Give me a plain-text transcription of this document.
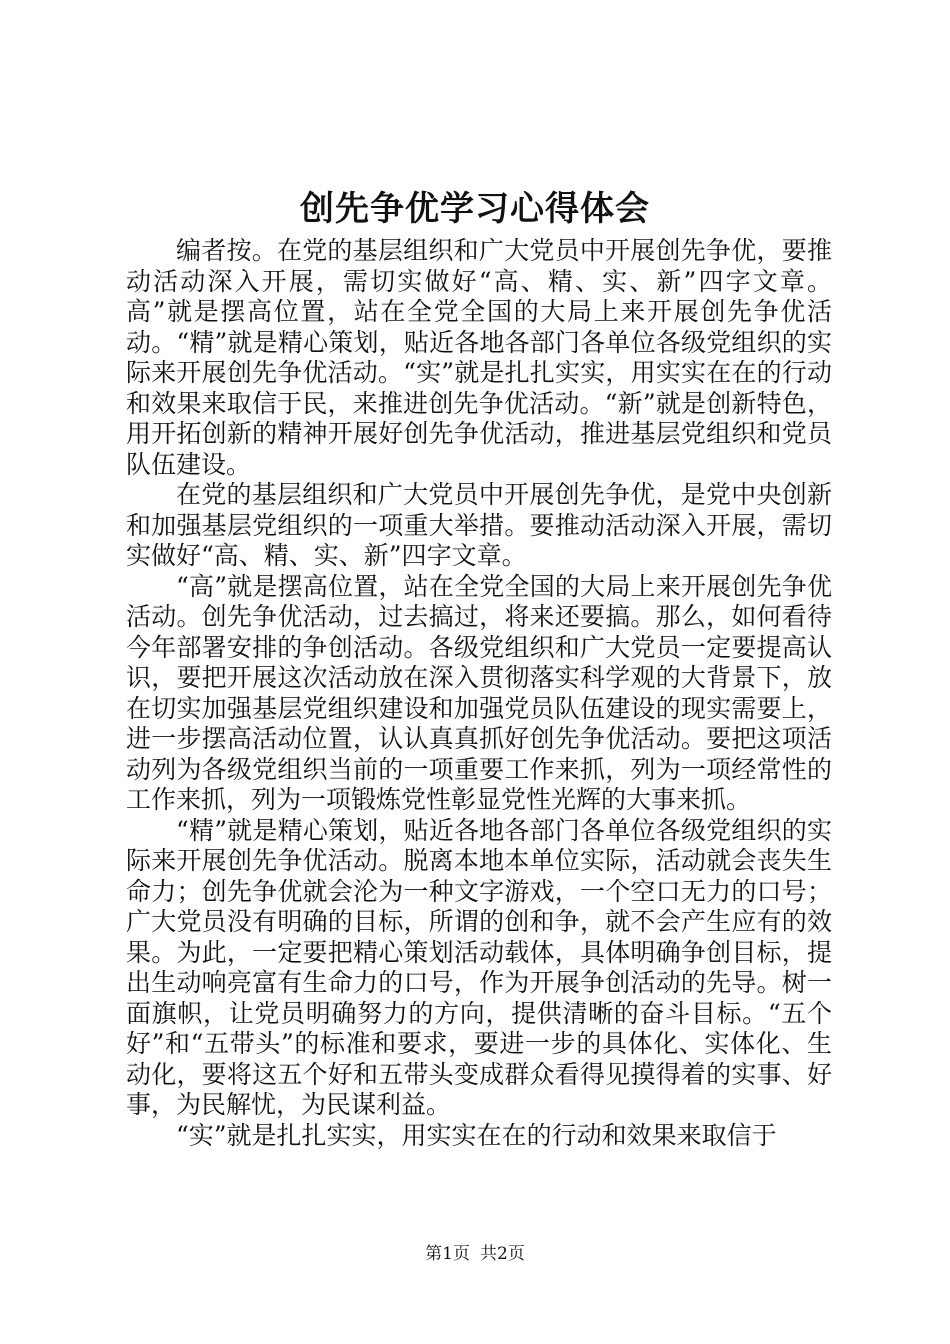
创先争优学习心得体会

编者按。在党的基层组织和广大党员中开展创先争优，要推动活动深入开展，需切实做好“高、精、实、新”四字文章。高”就是摆高位置，站在全党全国的大局上来开展创先争优活动。“精”就是精心策划，贴近各地各部门各单位各级党组织的实际来开展创先争优活动。“实”就是扎扎实实，用实实在在的行动和效果来取信于民，来推进创先争优活动。“新”就是创新特色，用开拓创新的精神开展好创先争优活动，推进基层党组织和党员队伍建设。

在党的基层组织和广大党员中开展创先争优，是党中央创新和加强基层党组织的一项重大举措。要推动活动深入开展，需切实做好“高、精、实、新”四字文章。

“高”就是摆高位置，站在全党全国的大局上来开展创先争优活动。创先争优活动，过去搞过，将来还要搞。那么，如何看待今年部署安排的争创活动。各级党组织和广大党员一定要提高认识，要把开展这次活动放在深入贯彻落实科学观的大背景下，放在切实加强基层党组织建设和加强党员队伍建设的现实需要上，进一步摆高活动位置，认认真真抓好创先争优活动。要把这项活动列为各级党组织当前的一项重要工作来抓，列为一项经常性的工作来抓，列为一项锻炼党性彰显党性光辉的大事来抓。

“精”就是精心策划，贴近各地各部门各单位各级党组织的实际来开展创先争优活动。脱离本地本单位实际，活动就会丧失生命力；创先争优就会沦为一种文字游戏，一个空口无力的口号；广大党员没有明确的目标，所谓的创和争，就不会产生应有的效果。为此，一定要把精心策划活动载体，具体明确争创目标，提出生动响亮富有生命力的口号，作为开展争创活动的先导。树一面旗帜，让党员明确努力的方向，提供清晰的奋斗目标。“五个好”和“五带头”的标准和要求，要进一步的具体化、实体化、生动化，要将这五个好和五带头变成群众看得见摸得着的实事、好事，为民解忧，为民谋利益。

“实”就是扎扎实实，用实实在在的行动和效果来取信于

第1页 共2页
